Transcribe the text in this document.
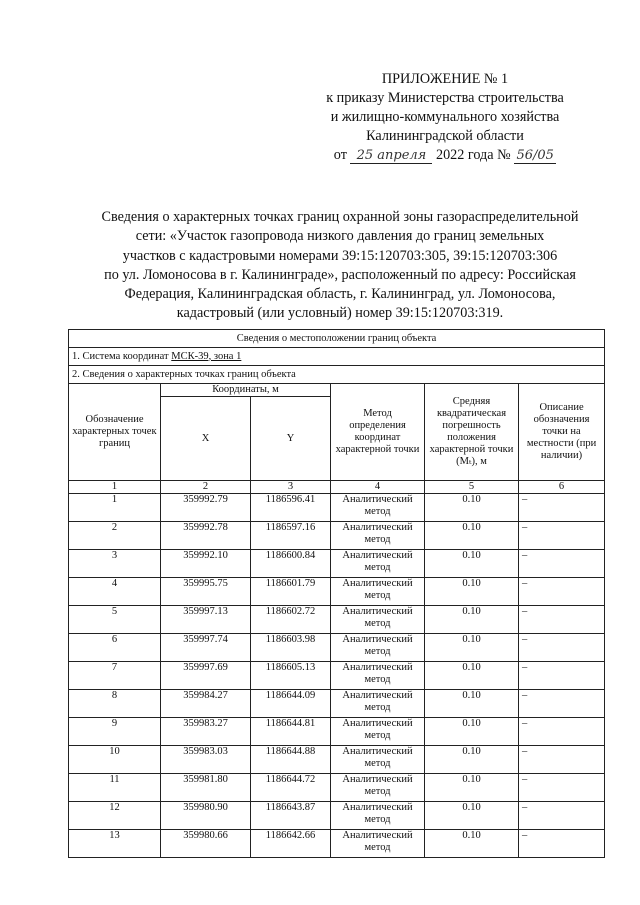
ПРИЛОЖЕНИЕ № 1
к приказу Министерства строительства
и жилищно-коммунального хозяйства
Калининградской области
от 25 апреля 2022 года № 56/05
Сведения о характерных точках границ охранной зоны газораспределительной
сети: «Участок газопровода низкого давления до границ земельных
участков с кадастровыми номерами 39:15:120703:305, 39:15:120703:306
по ул. Ломоносова в г. Калининграде», расположенный по адресу: Российская
Федерация, Калининградская область, г. Калининград, ул. Ломоносова,
кадастровый (или условный) номер 39:15:120703:319.
Сведения о местоположении границ объекта					
1. Система координат МСК-39, зона 1					
2. Сведения о характерных точках границ объекта					
Обозначение характерных точек границ	Координаты, м		Метод определения координат характерной точки	Средняя квадратическая погрешность положения характерной точки (Mₜ), м	Описание обозначения точки на местности (при наличии)
	X	Y			
1	2	3	4	5	6
1	359992.79	1186596.41	Аналитический метод	0.10	–
2	359992.78	1186597.16	Аналитический метод	0.10	–
3	359992.10	1186600.84	Аналитический метод	0.10	–
4	359995.75	1186601.79	Аналитический метод	0.10	–
5	359997.13	1186602.72	Аналитический метод	0.10	–
6	359997.74	1186603.98	Аналитический метод	0.10	–
7	359997.69	1186605.13	Аналитический метод	0.10	–
8	359984.27	1186644.09	Аналитический метод	0.10	–
9	359983.27	1186644.81	Аналитический метод	0.10	–
10	359983.03	1186644.88	Аналитический метод	0.10	–
11	359981.80	1186644.72	Аналитический метод	0.10	–
12	359980.90	1186643.87	Аналитический метод	0.10	–
13	359980.66	1186642.66	Аналитический метод	0.10	–
